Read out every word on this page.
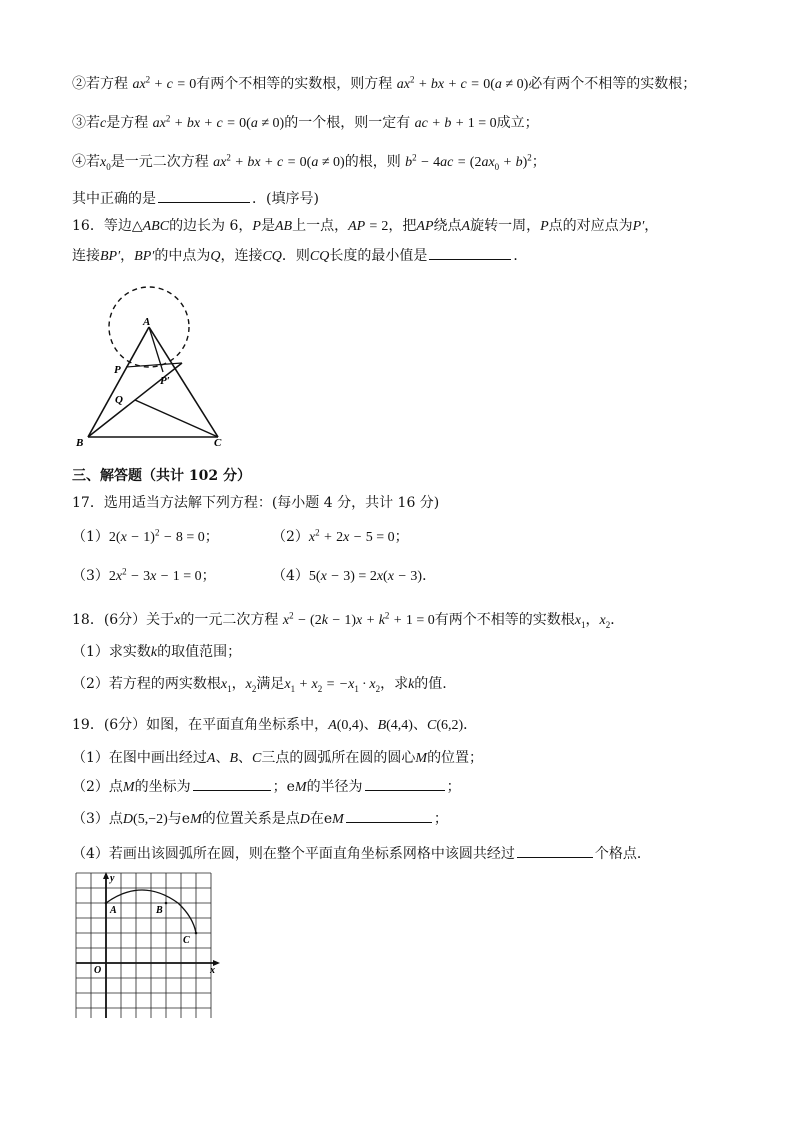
②若方程 $ax^2 + c = 0$有两个不相等的实数根，则方程 $ax^2$ + bx + c = 0(a ≠ 0)必有两个不相等的实数根；
③若c是方程 $ax^2$ + bx + c = 0(a ≠ 0)的一个根，则一定有 ac + b + 1 = 0成立；
④若$x_0$是一元二次方程 $ax^2$ + bx + c = 0(a ≠ 0)的根，则 $b^2 - 4ac = (2ax_0 + b)^2$；
其中正确的是	．(填序号)
16．等边△ABC的边长为 6，P是AB上一点，AP = 2，把AP绕点A旋转一周，P点的对应点为P′，
连接BP′，BP′的中点为Q，连接CQ．则CQ长度的最小值是	．
A
P
P′
Q
B	C
三、解答题（共计 102 分）
17．选用适当方法解下列方程：(每小题 4 分，共计 16 分)
$(1)2(x - 1)^2 - 8 = 0$；	$(2)x^2 + 2x - 5 = 0$；
$(3)2x^2 - 3x - 1 = 0$；	（4）5(x − 3) = 2x(x − 3)．
18．(6分）关于x的一元二次方程 $x^2 - (2k - 1)x + k^2 + 1 = 0$有两个不相等的实数根$x_1$，$x_2$．
（1）求实数k的取值范围；
（2）若方程的两实数根$x_1$，$x_2$满足$x_1 + x_2 = -x_1 \cdot x_2$，求k的值.
19．(6分）如图，在平面直角坐标系中，A(0,4)、B(4,4)、C(6,2)．
（1）在图中画出经过A、B、C三点的圆弧所在圆的圆心M的位置；
（2）点M的坐标为	；eM的半径为	；
（3）点D(5,−2)与eM的位置关系是点D在eM	；
（4）若画出该圆弧所在圆，则在整个平面直角坐标系网格中该圆共经过	个格点．
y
x
O
A	B
C
